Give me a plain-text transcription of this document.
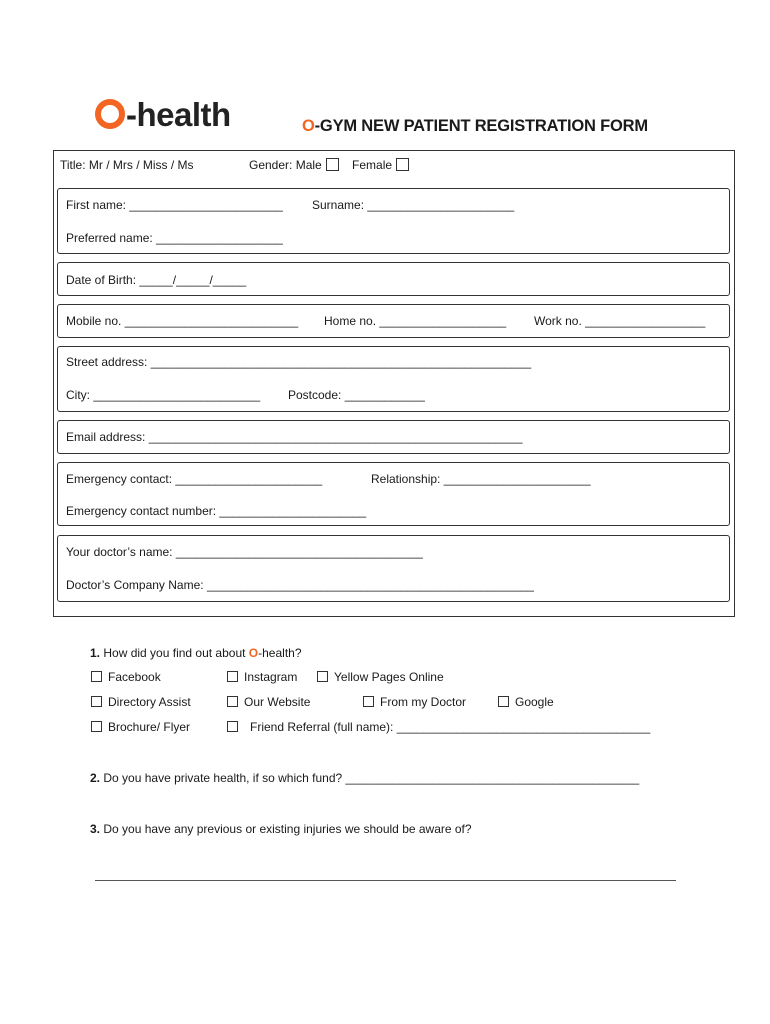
-health	O-GYM NEW PATIENT REGISTRATION FORM
Title: Mr / Mrs / Miss / Ms	Gender: Male	Female
First name: _______________________ Surname: ______________________
Preferred name: ___________________
Date of Birth: _____/_____/_____
Mobile no. __________________________ Home no. ___________________ Work no. __________________
Street address: _________________________________________________________
City: _________________________ Postcode: ____________
Email address: ________________________________________________________
Emergency contact: ______________________	Relationship: ______________________
Emergency contact number: ______________________
Your doctor’s name: _____________________________________
Doctor’s Company Name: _________________________________________________
1. How did you find out about O-health?
Facebook	Instagram	Yellow Pages Online
Directory Assist	Our Website	From my Doctor	Google
Brochure/ Flyer	Friend Referral (full name): ______________________________________
2. Do you have private health, if so which fund? ____________________________________________
3. Do you have any previous or existing injuries we should be aware of?
